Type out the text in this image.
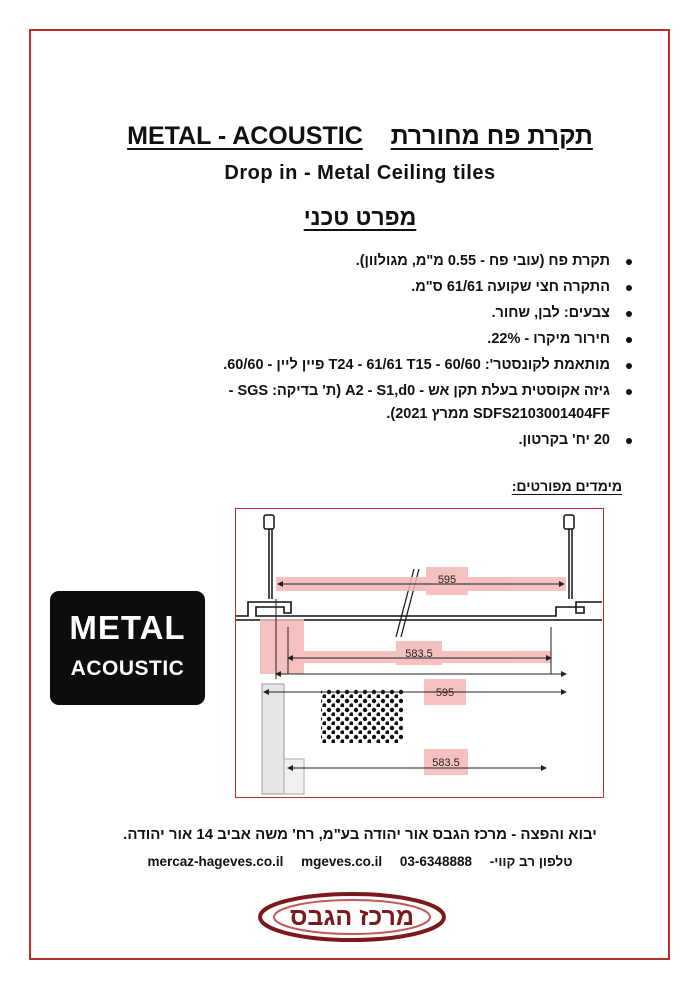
METAL - ACOUSTIC תקרת פח מחוררת
Drop in - Metal Ceiling tiles
מפרט טכני
תקרת פח (עובי פח - 0.55 מ"מ, מגולוון).
התקרה חצי שקועה 61/61 ס"מ.
צבעים: לבן, שחור.
חירור מיקרו - 22%.
מותאמת לקונסטר': T24 - 61/61 T15 - 60/60 פיין ליין - 60/60.
גיזה אקוסטית בעלת תקן אש - A2 - S1,d0 (ת' בדיקה: SGS -
SDFS2103001404FF ממרץ 2021).
20 יח' בקרטון.
מימדים מפורטים:
METAL
ACOUSTIC
595
583.5
595
583.5
יבוא והפצה - מרכז הגבס אור יהודה בע"מ, רח' משה אביב 14 אור יהודה.
mercaz-hageves.co.il mgeves.co.il 03-6348888 טלפון רב קווי-
מרכז הגבס
